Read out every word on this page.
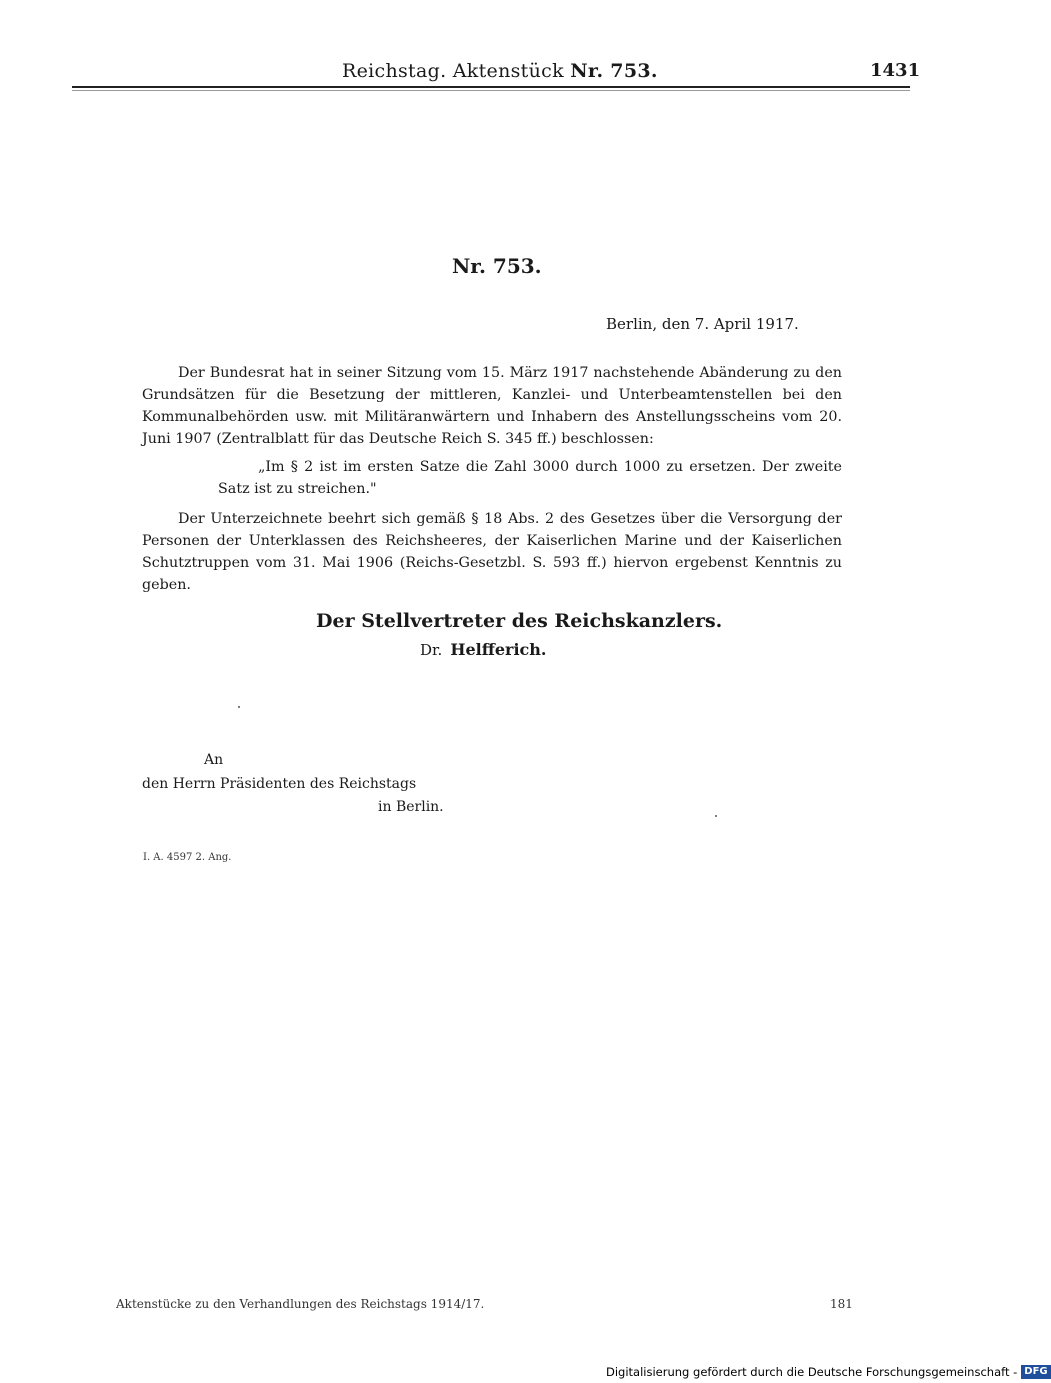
Reichstag. Aktenstück Nr. 753.	1431
Nr. 753.
Berlin, den 7. April 1917.

Der Bundesrat hat in seiner Sitzung vom 15. März 1917 nachstehende Abänderung zu den Grundsätzen für die Besetzung der mittleren, Kanzlei- und Unterbeamtenstellen bei den Kommunalbehörden usw. mit Militäranwärtern und Inhabern des Anstellungsscheins vom 20. Juni 1907 (Zentralblatt für das Deutsche Reich S. 345 ff.) beschlossen:

„Im § 2 ist im ersten Satze die Zahl 3000 durch 1000 zu ersetzen. Der zweite Satz ist zu streichen."

Der Unterzeichnete beehrt sich gemäß § 18 Abs. 2 des Gesetzes über die Versorgung der Personen der Unterklassen des Reichsheeres, der Kaiserlichen Marine und der Kaiserlichen Schutztruppen vom 31. Mai 1906 (Reichs-Gesetzbl. S. 593 ff.) hiervon ergebenst Kenntnis zu geben.

Der Stellvertreter des Reichskanzlers.
Dr. Helfferich.
An
den Herrn Präsidenten des Reichstags
in Berlin.
I. A. 4597 2. Ang.
Aktenstücke zu den Verhandlungen des Reichstags 1914/17.	181
Digitalisierung gefördert durch die Deutsche Forschungsgemeinschaft - DFG
